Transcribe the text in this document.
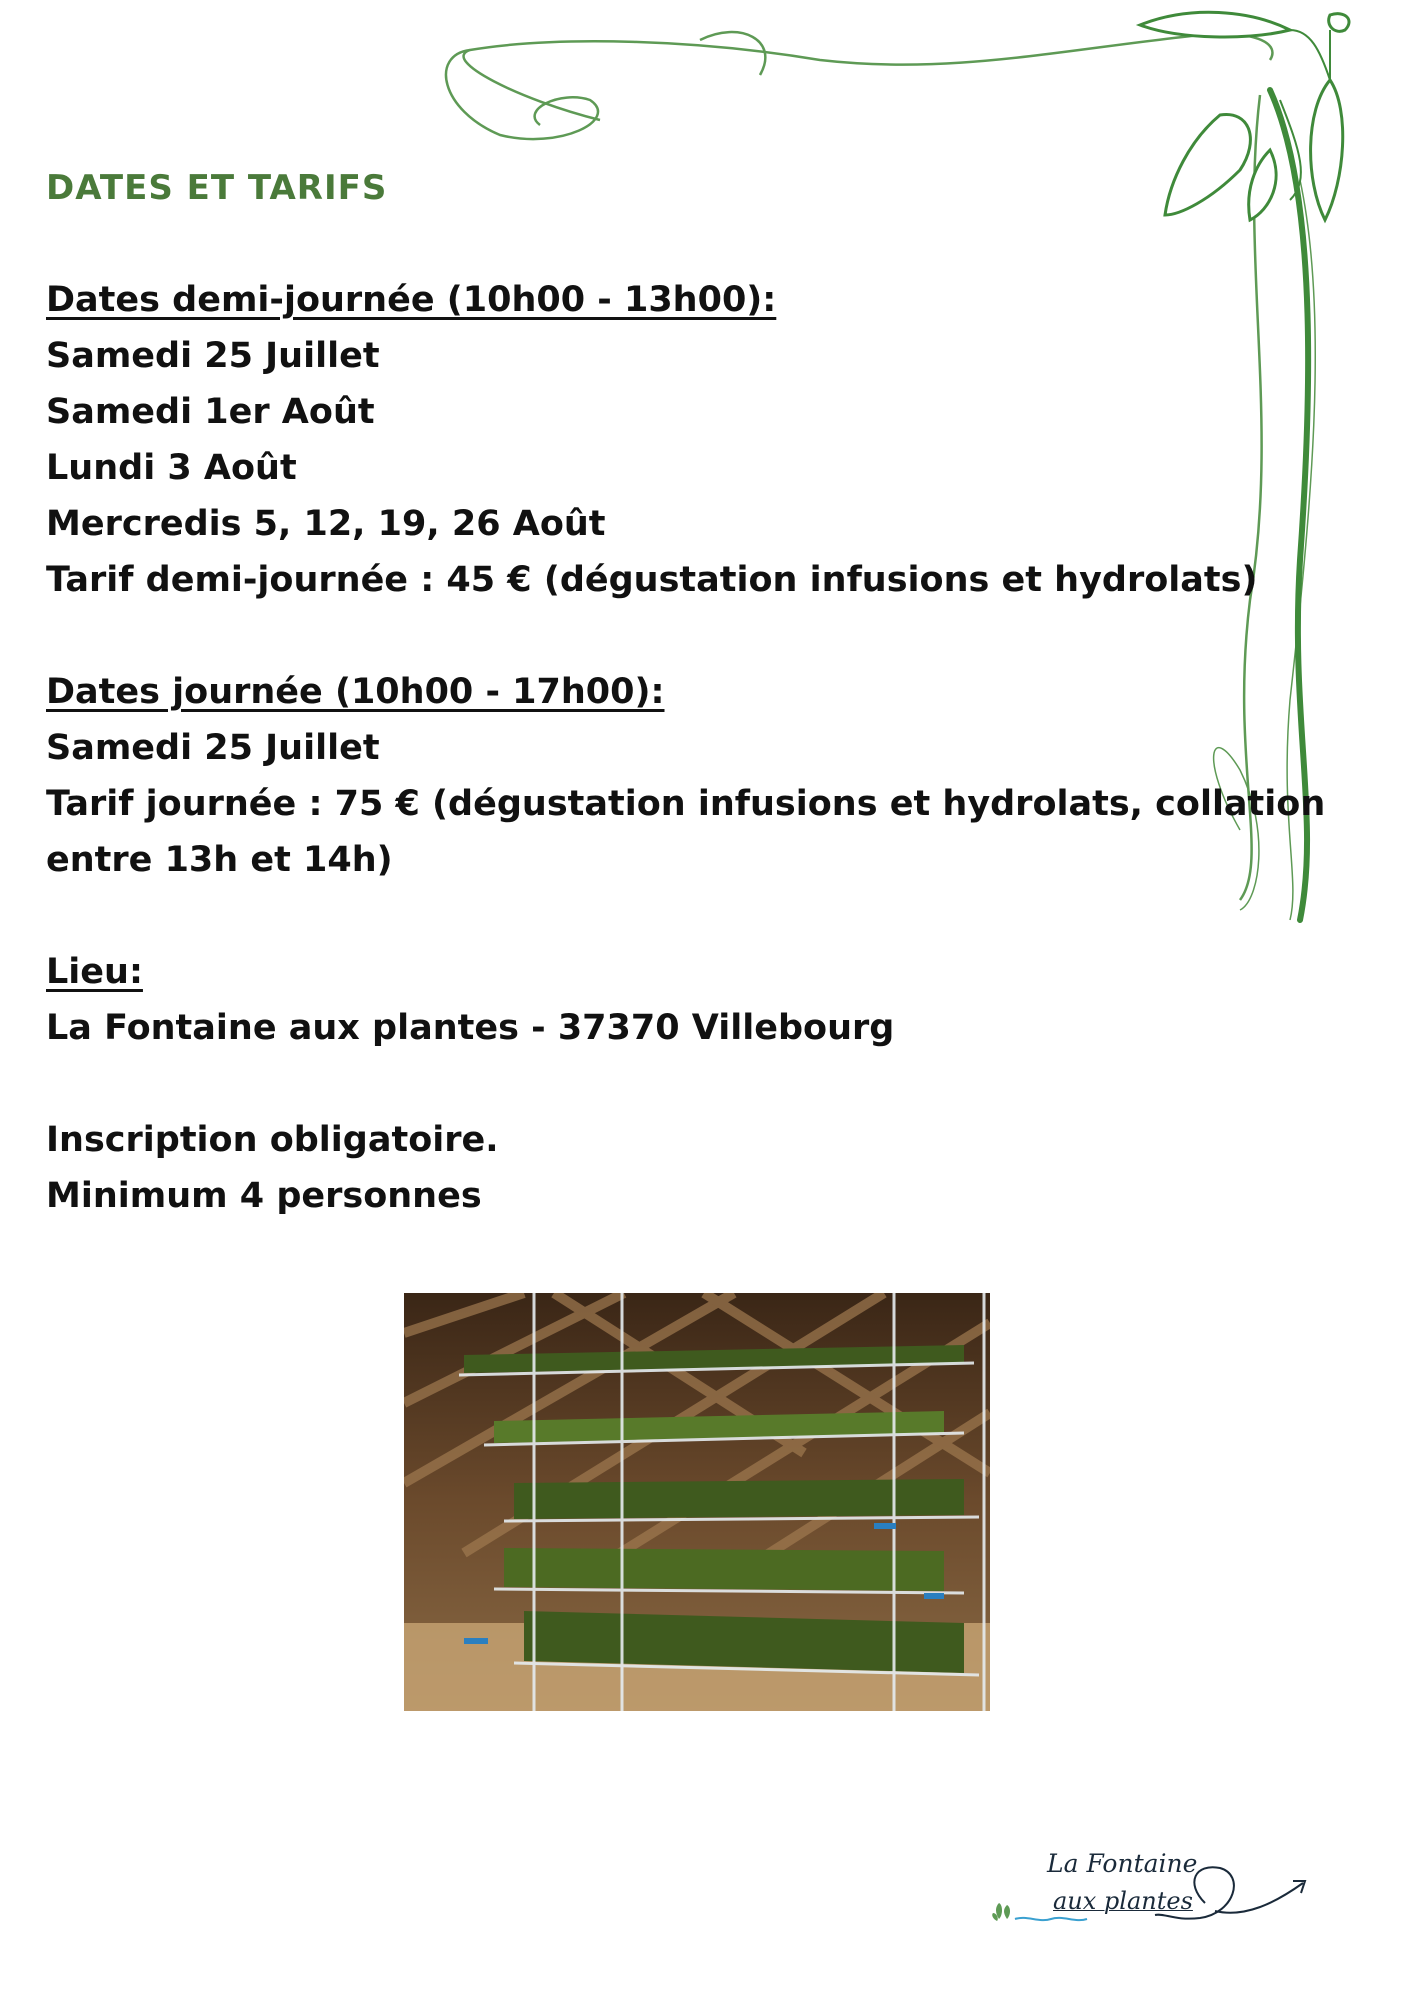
DATES ET TARIFS
Dates demi-journée (10h00 - 13h00):
Samedi 25 Juillet
Samedi 1er Août
Lundi 3 Août
Mercredis 5, 12, 19, 26 Août
Tarif demi-journée : 45 € (dégustation infusions et hydrolats)
Dates journée (10h00 - 17h00):
Samedi 25 Juillet
Tarif journée : 75 € (dégustation infusions et hydrolats, collation entre 13h et 14h)
Lieu:
La Fontaine aux plantes - 37370 Villebourg
Inscription obligatoire.
Minimum 4 personnes
La Fontaine
aux plantes
